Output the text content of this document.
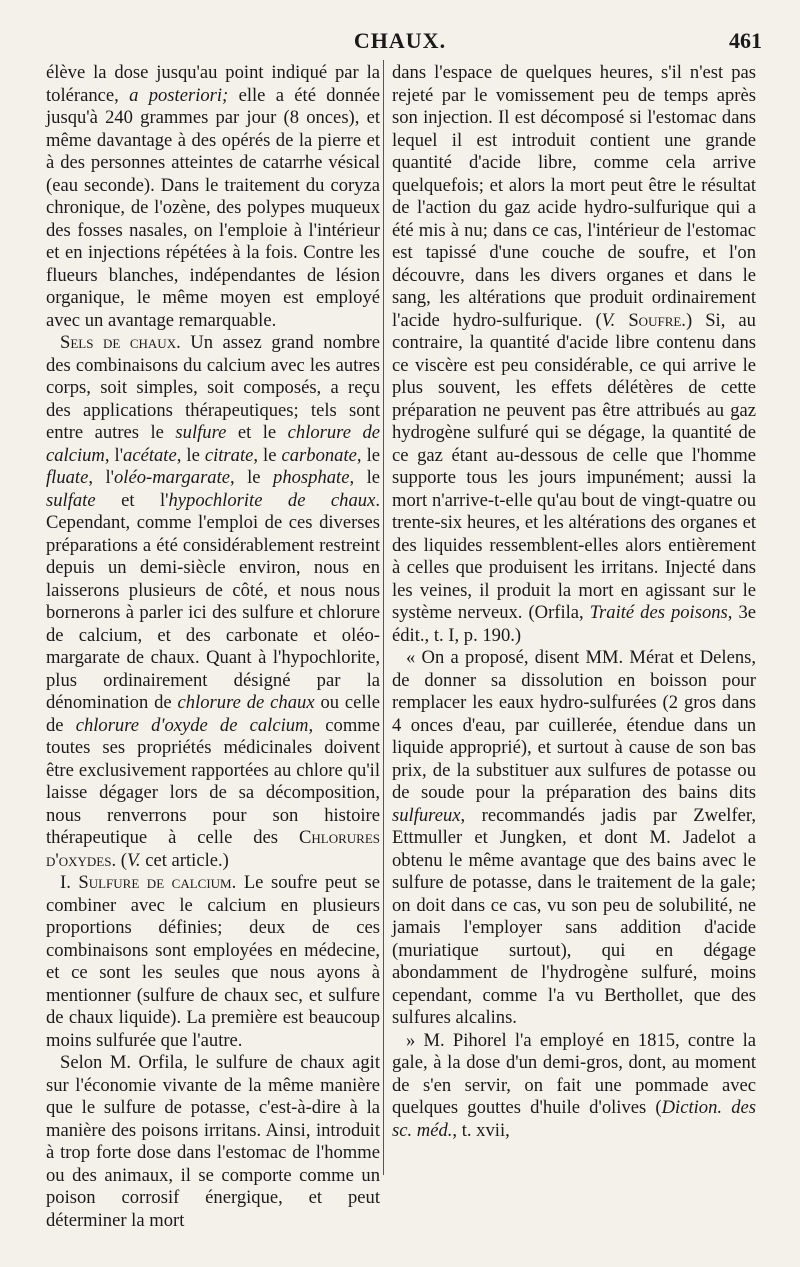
CHAUX.	461

élève la dose jusqu'au point indiqué par la tolérance, a posteriori; elle a été donnée jusqu'à 240 grammes par jour (8 onces), et même davantage à des opérés de la pierre et à des personnes atteintes de catarrhe vésical (eau seconde). Dans le traitement du coryza chronique, de l'ozène, des polypes muqueux des fosses nasales, on l'emploie à l'intérieur et en injections répétées à la fois. Contre les flueurs blanches, indépendantes de lésion organique, le même moyen est employé avec un avantage remarquable.

Sels de chaux. Un assez grand nombre des combinaisons du calcium avec les autres corps, soit simples, soit composés, a reçu des applications thérapeutiques; tels sont entre autres le sulfure et le chlorure de calcium, l'acétate, le citrate, le carbonate, le fluate, l'oléo-margarate, le phosphate, le sulfate et l'hypochlorite de chaux. Cependant, comme l'emploi de ces diverses préparations a été considérablement restreint depuis un demi-siècle environ, nous en laisserons plusieurs de côté, et nous nous bornerons à parler ici des sulfure et chlorure de calcium, et des carbonate et oléo-margarate de chaux. Quant à l'hypochlorite, plus ordinairement désigné par la dénomination de chlorure de chaux ou celle de chlorure d'oxyde de calcium, comme toutes ses propriétés médicinales doivent être exclusivement rapportées au chlore qu'il laisse dégager lors de sa décomposition, nous renverrons pour son histoire thérapeutique à celle des Chlorures d'oxydes. (V. cet article.)

I. Sulfure de calcium. Le soufre peut se combiner avec le calcium en plusieurs proportions définies; deux de ces combinaisons sont employées en médecine, et ce sont les seules que nous ayons à mentionner (sulfure de chaux sec, et sulfure de chaux liquide). La première est beaucoup moins sulfurée que l'autre.

Selon M. Orfila, le sulfure de chaux agit sur l'économie vivante de la même manière que le sulfure de potasse, c'est-à-dire à la manière des poisons irritans. Ainsi, introduit à trop forte dose dans l'estomac de l'homme ou des animaux, il se comporte comme un poison corrosif énergique, et peut déterminer la mort

dans l'espace de quelques heures, s'il n'est pas rejeté par le vomissement peu de temps après son injection. Il est décomposé si l'estomac dans lequel il est introduit contient une grande quantité d'acide libre, comme cela arrive quelquefois; et alors la mort peut être le résultat de l'action du gaz acide hydro-sulfurique qui a été mis à nu; dans ce cas, l'intérieur de l'estomac est tapissé d'une couche de soufre, et l'on découvre, dans les divers organes et dans le sang, les altérations que produit ordinairement l'acide hydro-sulfurique. (V. Soufre.) Si, au contraire, la quantité d'acide libre contenu dans ce viscère est peu considérable, ce qui arrive le plus souvent, les effets délétères de cette préparation ne peuvent pas être attribués au gaz hydrogène sulfuré qui se dégage, la quantité de ce gaz étant au-dessous de celle que l'homme supporte tous les jours impunément; aussi la mort n'arrive-t-elle qu'au bout de vingt-quatre ou trente-six heures, et les altérations des organes et des liquides ressemblent-elles alors entièrement à celles que produisent les irritans. Injecté dans les veines, il produit la mort en agissant sur le système nerveux. (Orfila, Traité des poisons, 3e édit., t. I, p. 190.)

« On a proposé, disent MM. Mérat et Delens, de donner sa dissolution en boisson pour remplacer les eaux hydro-sulfurées (2 gros dans 4 onces d'eau, par cuillerée, étendue dans un liquide approprié), et surtout à cause de son bas prix, de la substituer aux sulfures de potasse ou de soude pour la préparation des bains dits sulfureux, recommandés jadis par Zwelfer, Ettmuller et Jungken, et dont M. Jadelot a obtenu le même avantage que des bains avec le sulfure de potasse, dans le traitement de la gale; on doit dans ce cas, vu son peu de solubilité, ne jamais l'employer sans addition d'acide (muriatique surtout), qui en dégage abondamment de l'hydrogène sulfuré, moins cependant, comme l'a vu Berthollet, que des sulfures alcalins.

» M. Pihorel l'a employé en 1815, contre la gale, à la dose d'un demi-gros, dont, au moment de s'en servir, on fait une pommade avec quelques gouttes d'huile d'olives (Diction. des sc. méd., t. xvii,
